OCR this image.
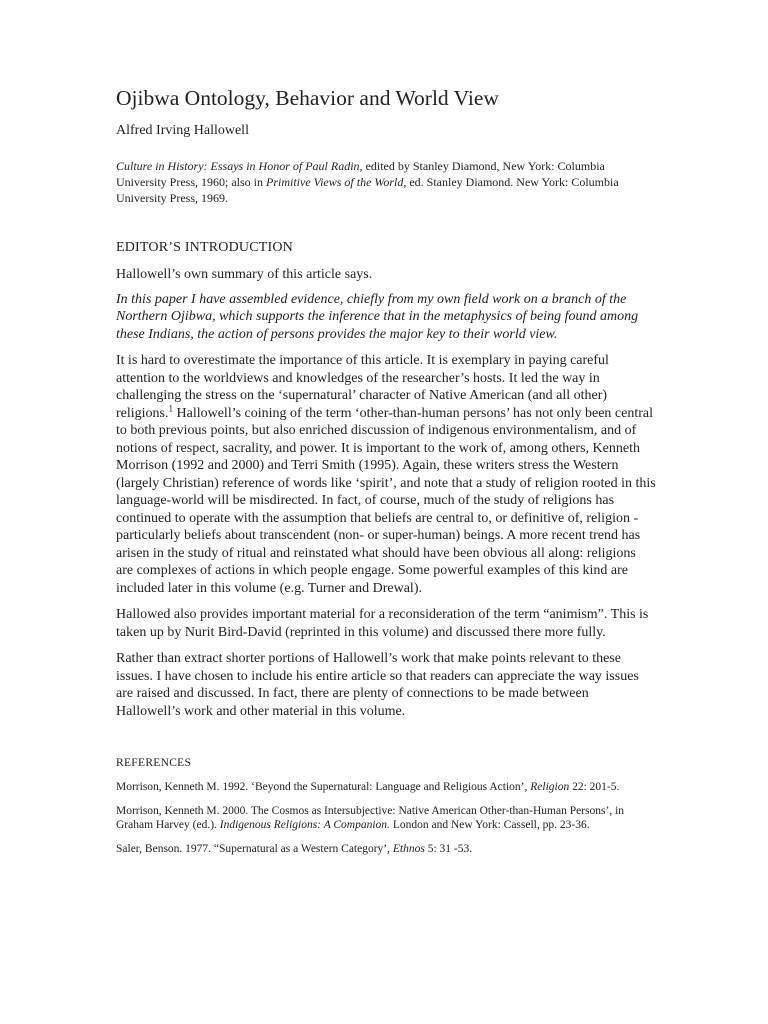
Ojibwa Ontology, Behavior and World View
Alfred Irving Hallowell
Culture in History: Essays in Honor of Paul Radin, edited by Stanley Diamond, New York: Columbia University Press, 1960; also in Primitive Views of the World, ed. Stanley Diamond. New York: Columbia University Press, 1969.
EDITOR’S INTRODUCTION
Hallowell’s own summary of this article says.
In this paper I have assembled evidence, chiefly from my own field work on a branch of the Northern Ojibwa, which supports the inference that in the metaphysics of being found among these Indians, the action of persons provides the major key to their world view.
It is hard to overestimate the importance of this article. It is exemplary in paying careful attention to the worldviews and knowledges of the researcher’s hosts. It led the way in challenging the stress on the ‘supernatural’ character of Native American (and all other) religions.$^1$ Hallowell’s coining of the term ‘other-than-human persons’ has not only been central to both previous points, but also enriched discussion of indigenous environmentalism, and of notions of respect, sacrality, and power. It is important to the work of, among others, Kenneth Morrison (1992 and 2000) and Terri Smith (1995). Again, these writers stress the Western (largely Christian) reference of words like ‘spirit’, and note that a study of religion rooted in this language-world will be misdirected. In fact, of course, much of the study of religions has continued to operate with the assumption that beliefs are central to, or definitive of, religion - particularly beliefs about transcendent (non- or super-human) beings. A more recent trend has arisen in the study of ritual and reinstated what should have been obvious all along: religions are complexes of actions in which people engage. Some powerful examples of this kind are included later in this volume (e.g. Turner and Drewal).
Hallowed also provides important material for a reconsideration of the term “animism”. This is taken up by Nurit Bird-David (reprinted in this volume) and discussed there more fully.
Rather than extract shorter portions of Hallowell’s work that make points relevant to these issues. I have chosen to include his entire article so that readers can appreciate the way issues are raised and discussed. In fact, there are plenty of connections to be made between Hallowell’s work and other material in this volume.
REFERENCES
Morrison, Kenneth M. 1992. ‘Beyond the Supernatural: Language and Religious Action’, Religion 22: 201-5.
Morrison, Kenneth M. 2000. The Cosmos as Intersubjective: Native American Other-than-Human Persons’, in Graham Harvey (ed.). Indigenous Religions: A Companion. London and New York: Cassell, pp. 23-36.
Saler, Benson. 1977. “Supernatural as a Western Category’, Ethnos 5: 31 -53.
